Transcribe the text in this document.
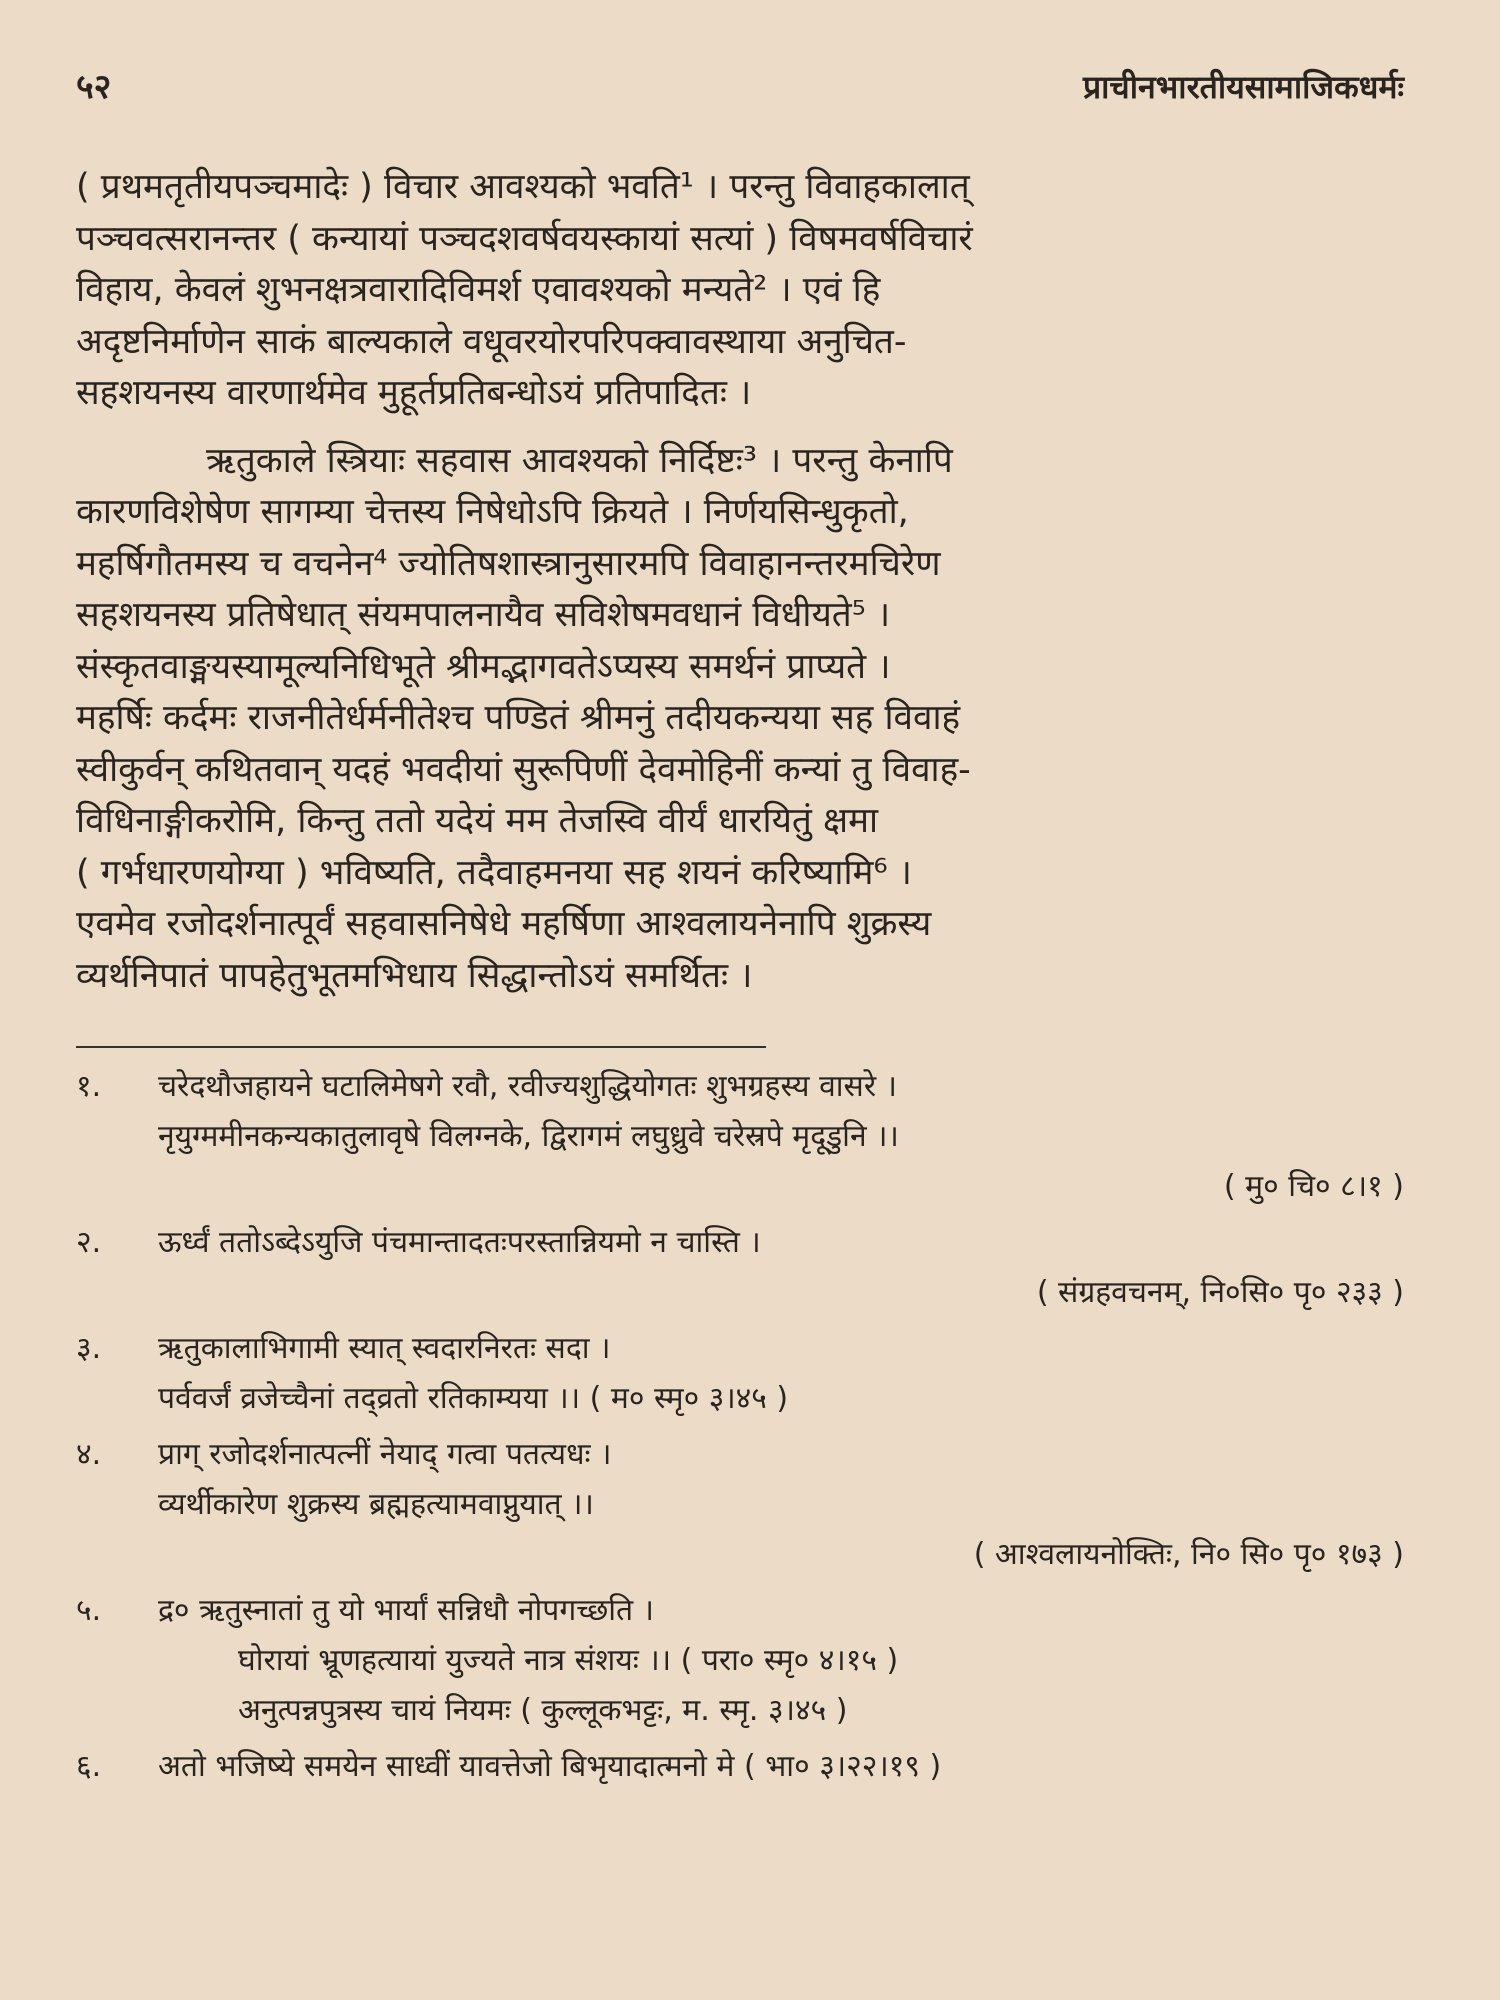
५२	प्राचीनभारतीयसामाजिकधर्मः

( प्रथमतृतीयपञ्चमादेः ) विचार आवश्यको भवति¹ । परन्तु विवाहकालात्
पञ्चवत्सरानन्तर ( कन्यायां पञ्चदशवर्षवयस्कायां सत्यां ) विषमवर्षविचारं
विहाय, केवलं शुभनक्षत्रवारादिविमर्श एवावश्यको मन्यते² । एवं हि
अदृष्टनिर्माणेन साकं बाल्यकाले वधूवरयोरपरिपक्वावस्थाया अनुचित-
सहशयनस्य वारणार्थमेव मुहूर्तप्रतिबन्धोऽयं प्रतिपादितः ।

ऋतुकाले स्त्रियाः सहवास आवश्यको निर्दिष्टः³ । परन्तु केनापि
कारणविशेषेण सागम्या चेत्तस्य निषेधोऽपि क्रियते । निर्णयसिन्धुकृतो,
महर्षिगौतमस्य च वचनेन⁴ ज्योतिषशास्त्रानुसारमपि विवाहानन्तरमचिरेण
सहशयनस्य प्रतिषेधात् संयमपालनायैव सविशेषमवधानं विधीयते⁵ ।
संस्कृतवाङ्मयस्यामूल्यनिधिभूते श्रीमद्भागवतेऽप्यस्य समर्थनं प्राप्यते ।
महर्षिः कर्दमः राजनीतेर्धर्मनीतेश्च पण्डितं श्रीमनुं तदीयकन्यया सह विवाहं
स्वीकुर्वन् कथितवान् यदहं भवदीयां सुरूपिणीं देवमोहिनीं कन्यां तु विवाह-
विधिनाङ्गीकरोमि, किन्तु ततो यदेयं मम तेजस्वि वीर्यं धारयितुं क्षमा
( गर्भधारणयोग्या ) भविष्यति, तदैवाहमनया सह शयनं करिष्यामि⁶ ।
एवमेव रजोदर्शनात्पूर्वं सहवासनिषेधे महर्षिणा आश्वलायनेनापि शुक्रस्य
व्यर्थनिपातं पापहेतुभूतमभिधाय सिद्धान्तोऽयं समर्थितः ।

१.	चरेदथौजहायने घटालिमेषगे रवौ, रवीज्यशुद्धियोगतः शुभग्रहस्य वासरे ।
नृयुग्ममीनकन्यकातुलावृषे विलग्नके, द्विरागमं लघुध्रुवे चरेस्रपे मृदूडुनि ।।
( मु० चि० ८।१ )
२.	ऊर्ध्वं ततोऽब्देऽयुजि पंचमान्तादतःपरस्तान्नियमो न चास्ति ।
( संग्रहवचनम्, नि०सि० पृ० २३३ )
३.	ऋतुकालाभिगामी स्यात् स्वदारनिरतः सदा ।
पर्ववर्जं व्रजेच्चैनां तद्व्रतो रतिकाम्यया ।। ( म० स्मृ० ३।४५ )
४.	प्राग् रजोदर्शनात्पत्नीं नेयाद् गत्वा पतत्यधः ।
व्यर्थीकारेण शुक्रस्य ब्रह्महत्यामवाप्नुयात् ।।
( आश्वलायनोक्तिः, नि० सि० पृ० १७३ )
५.	द्र० ऋतुस्नातां तु यो भार्यां सन्निधौ नोपगच्छति ।
घोरायां भ्रूणहत्यायां युज्यते नात्र संशयः ।। ( परा० स्मृ० ४।१५ )
अनुत्पन्नपुत्रस्य चायं नियमः ( कुल्लूकभट्टः, म. स्मृ. ३।४५ )
६.	अतो भजिष्ये समयेन साध्वीं यावत्तेजो बिभृयादात्मनो मे ( भा० ३।२२।१९ )
